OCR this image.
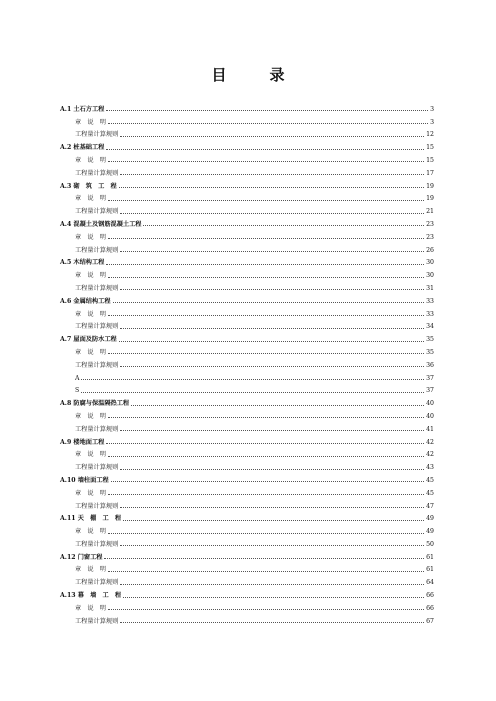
目　录
A.1 土石方工程	3
章　说　明	3
工程量计算规则	12
A.2 桩基础工程	15
章　说　明	15
工程量计算规则	17
A.3 砌　筑　工　程	19
章　说　明	19
工程量计算规则	21
A.4 混凝土及钢筋混凝土工程	23
章　说　明	23
工程量计算规则	26
A.5 木结构工程	30
章　说　明	30
工程量计算规则	31
A.6 金属结构工程	33
章　说　明	33
工程量计算规则	34
A.7 屋面及防水工程	35
章　说　明	35
工程量计算规则	36
A	37
S	37
A.8 防腐与保温隔热工程	40
章　说　明	40
工程量计算规则	41
A.9 楼地面工程	42
章　说　明	42
工程量计算规则	43
A.10 墙柱面工程	45
章　说　明	45
工程量计算规则	47
A.11 天　棚　工　程	49
章　说　明	49
工程量计算规则	50
A.12 门窗工程	61
章　说　明	61
工程量计算规则	64
A.13 幕　墙　工　程	66
章　说　明	66
工程量计算规则	67
